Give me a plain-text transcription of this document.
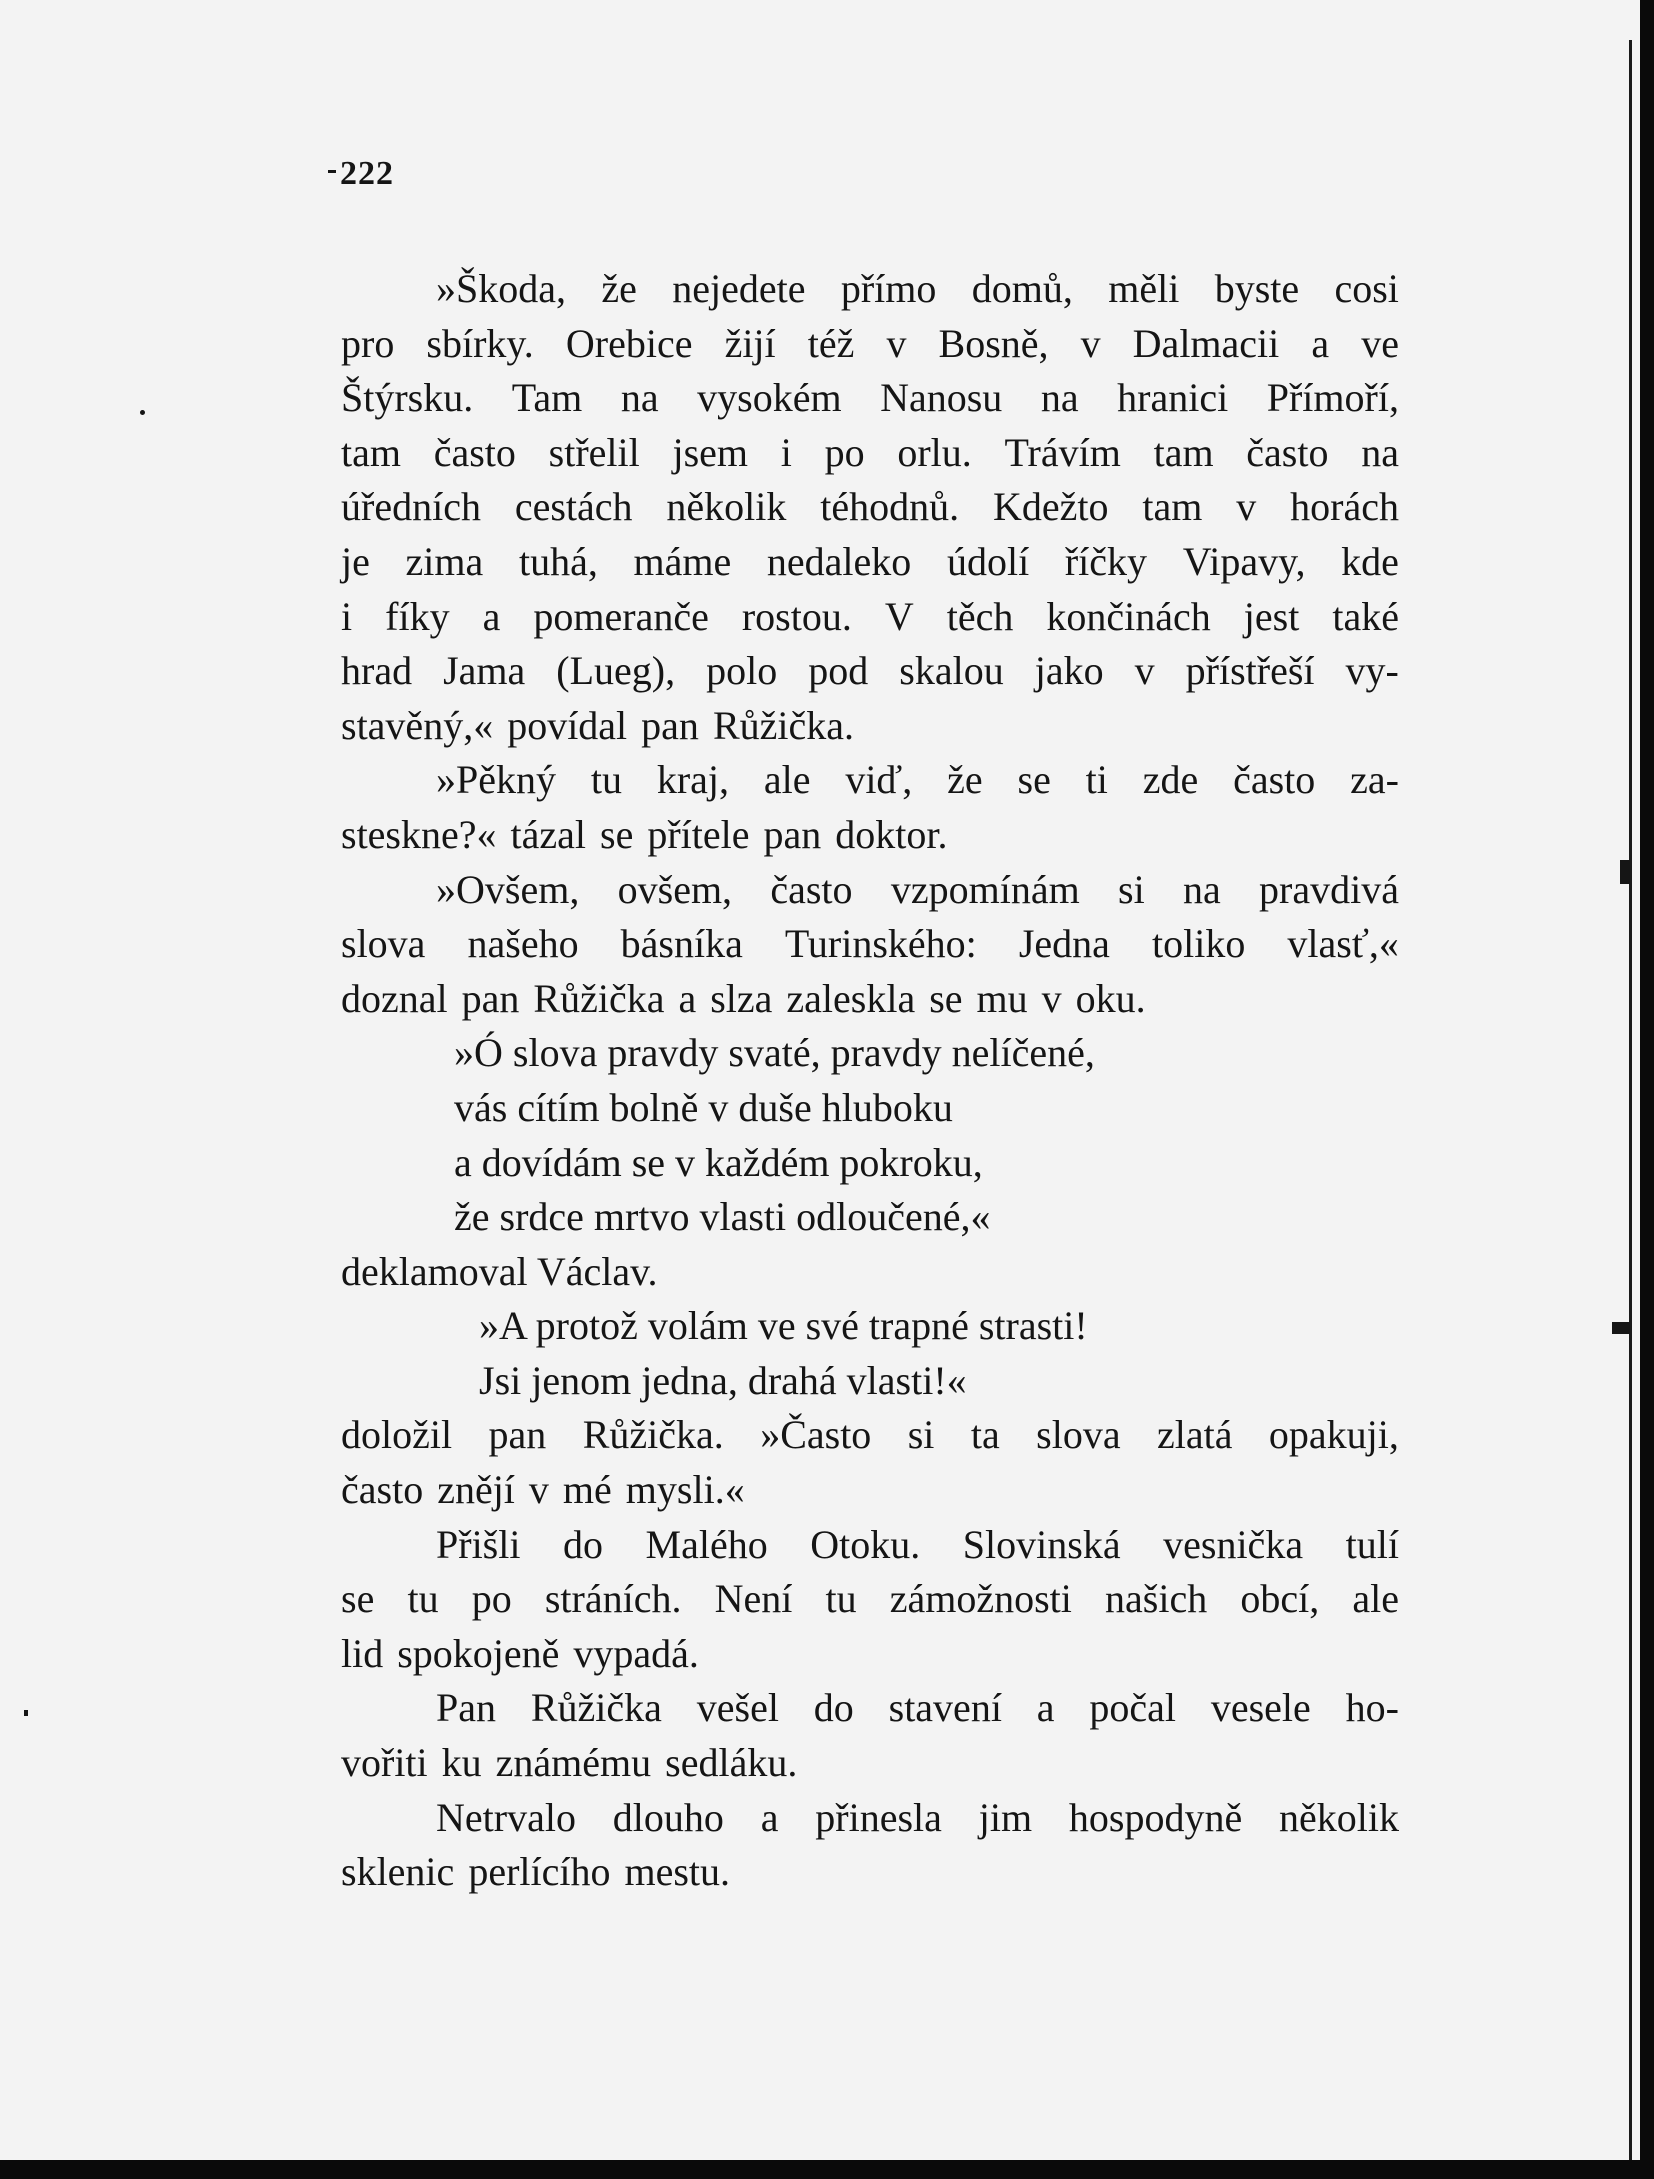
222
»Škoda, že nejedete přímo domů, měli byste cosi
pro sbírky. Orebice žijí též v Bosně, v Dalmacii a ve
Štýrsku. Tam na vysokém Nanosu na hranici Přímoří,
tam často střelil jsem i po orlu. Trávím tam často na
úředních cestách několik téhodnů. Kdežto tam v horách
je zima tuhá, máme nedaleko údolí říčky Vipavy, kde
i fíky a pomeranče rostou. V těch končinách jest také
hrad Jama (Lueg), polo pod skalou jako v přístřeší vy-
stavěný,« povídal pan Růžička.
»Pěkný tu kraj, ale viď, že se ti zde často za-
steskne?« tázal se přítele pan doktor.
»Ovšem, ovšem, často vzpomínám si na pravdivá
slova našeho básníka Turinského: Jedna toliko vlasť,«
doznal pan Růžička a slza zaleskla se mu v oku.
»Ó slova pravdy svaté, pravdy nelíčené,
vás cítím bolně v duše hluboku
a dovídám se v každém pokroku,
že srdce mrtvo vlasti odloučené,«
deklamoval Václav.
»A protož volám ve své trapné strasti!
Jsi jenom jedna, drahá vlasti!«
doložil pan Růžička. »Často si ta slova zlatá opakuji,
často znějí v mé mysli.«
Přišli do Malého Otoku. Slovinská vesnička tulí
se tu po stráních. Není tu zámožnosti našich obcí, ale
lid spokojeně vypadá.
Pan Růžička vešel do stavení a počal vesele ho-
vořiti ku známému sedláku.
Netrvalo dlouho a přinesla jim hospodyně několik
sklenic perlícího mestu.
